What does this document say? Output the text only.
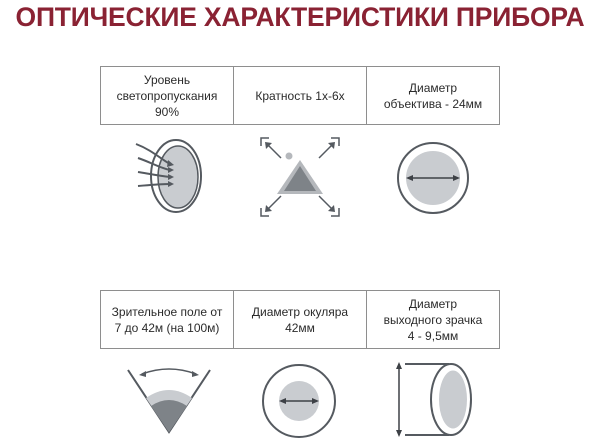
ОПТИЧЕСКИЕ ХАРАКТЕРИСТИКИ ПРИБОРА
Уровень
светопропускания
90%
Кратность 1х-6х
Диаметр
объектива - 24мм
Зрительное поле от
7 до 42м (на 100м)
Диаметр окуляра
42мм
Диаметр
выходного зрачка
4 - 9,5мм
